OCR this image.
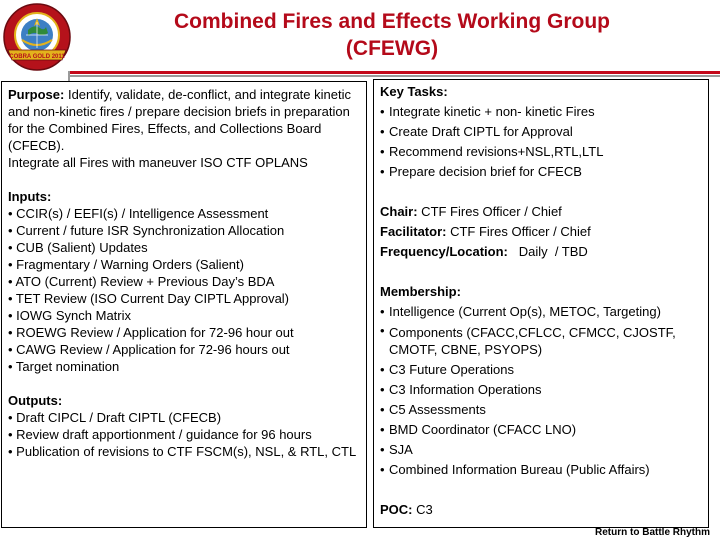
COBRA GOLD 2011
Combined Fires and Effects Working Group
(CFEWG)

Purpose: Identify, validate, de-conflict, and integrate kinetic and non-kinetic fires / prepare decision briefs in preparation for the Combined Fires, Effects, and Collections Board (CFECB).

Integrate all Fires with maneuver ISO CTF OPLANS

Inputs:

• CCIR(s) / EEFI(s) / Intelligence Assessment

• Current / future ISR Synchronization Allocation

• CUB (Salient) Updates

• Fragmentary / Warning Orders (Salient)

• ATO (Current) Review + Previous Day’s BDA

• TET Review (ISO Current Day CIPTL Approval)

• IOWG Synch Matrix

• ROEWG Review / Application for 72-96 hour out

• CAWG Review / Application for 72-96 hours out

• Target nomination

Outputs:

• Draft CIPCL / Draft CIPTL (CFECB)

• Review draft apportionment / guidance for 96 hours

• Publication of revisions to CTF FSCM(s), NSL, & RTL, CTL

Key Tasks:
• Integrate kinetic + non- kinetic Fires
• Create Draft CIPTL for Approval
• Recommend revisions+NSL,RTL,LTL
• Prepare decision brief for CFECB
Chair: CTF Fires Officer / Chief
Facilitator: CTF Fires Officer / Chief
Frequency/Location:   Daily  / TBD
Membership:
• Intelligence (Current Op(s), METOC, Targeting)
• Components (CFACC,CFLCC, CFMCC, CJOSTF, CMOTF, CBNE, PSYOPS)
• C3 Future Operations
• C3 Information Operations
• C5 Assessments
• BMD Coordinator (CFACC LNO)
• SJA
• Combined Information Bureau (Public Affairs)
POC: C3
Return to Battle Rhythm
